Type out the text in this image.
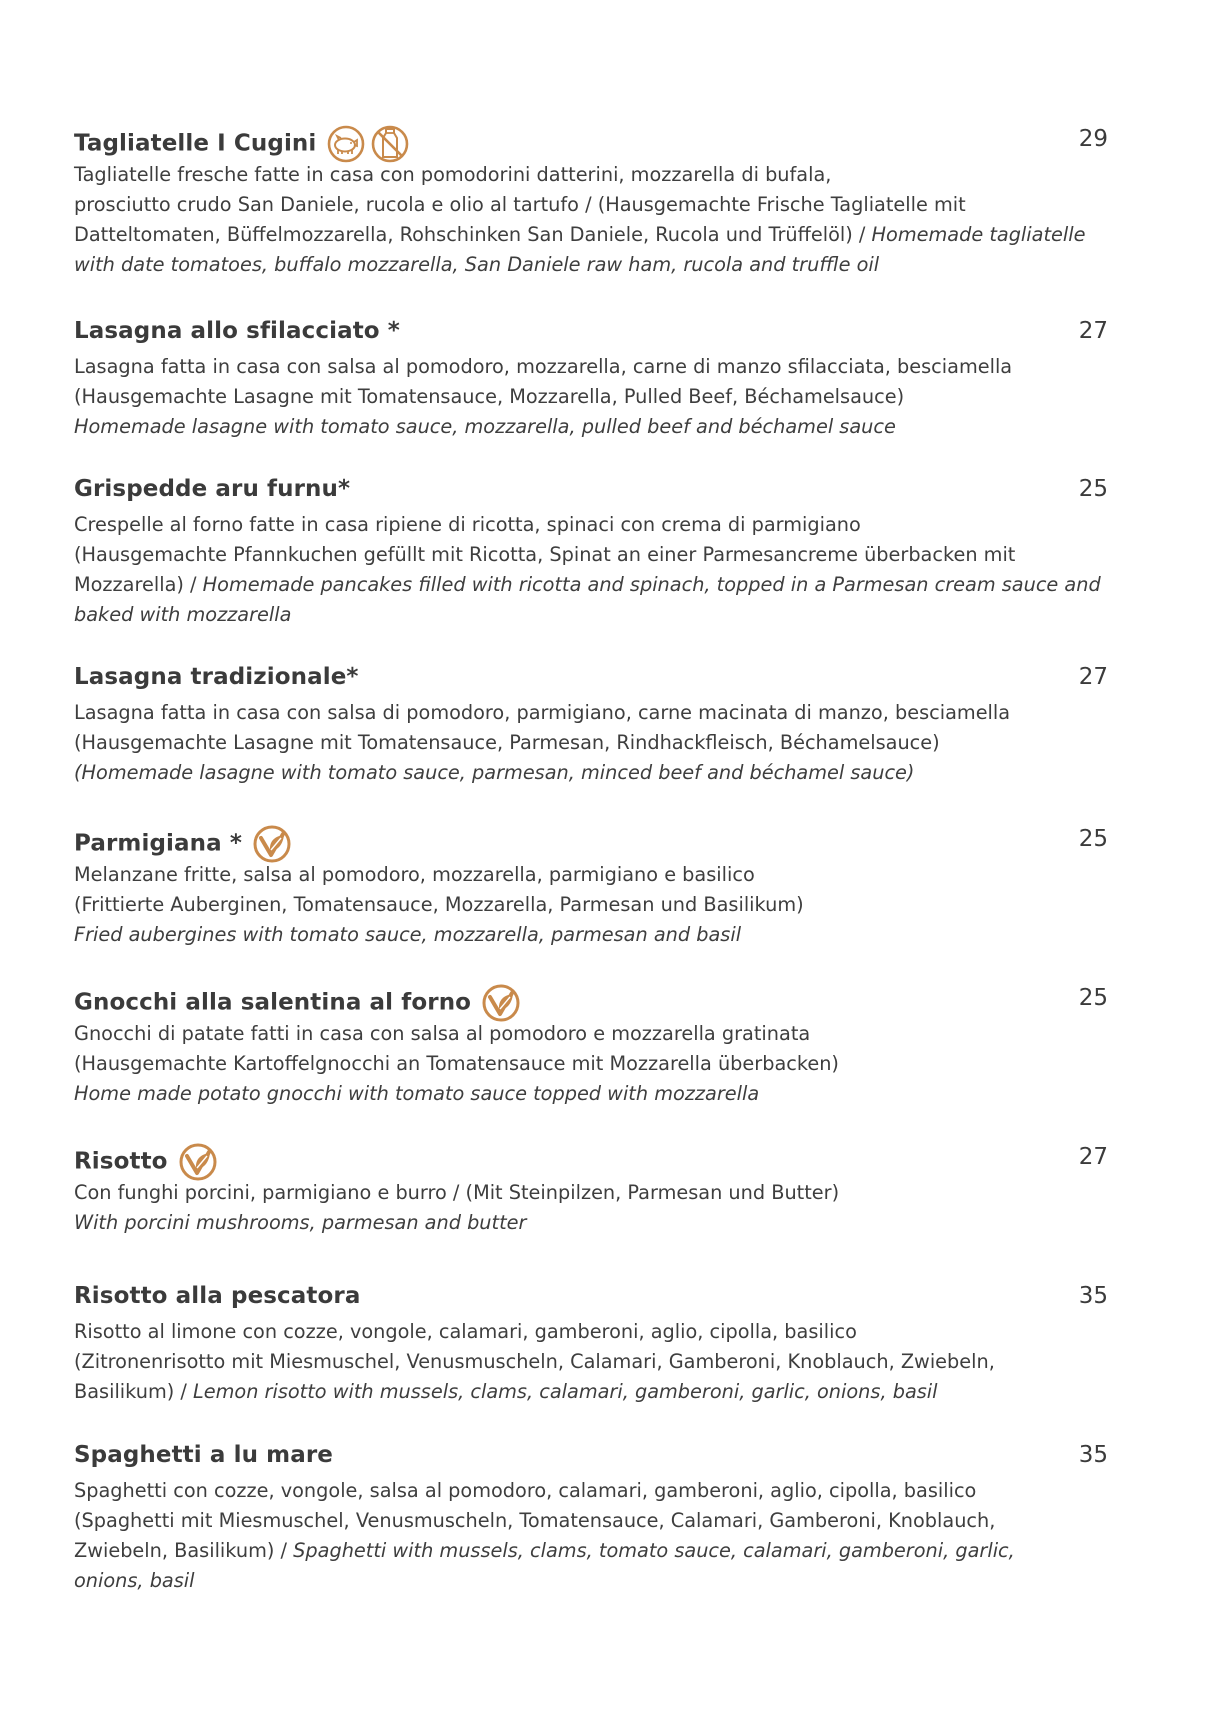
Tagliatelle I Cugini	29
Tagliatelle fresche fatte in casa con pomodorini datterini, mozzarella di bufala,
prosciutto crudo San Daniele, rucola e olio al tartufo / (Hausgemachte Frische Tagliatelle mit
Datteltomaten, Büffelmozzarella, Rohschinken San Daniele, Rucola und Trüffelöl) / Homemade tagliatelle
with date tomatoes, buffalo mozzarella, San Daniele raw ham, rucola and truffle oil
Lasagna allo sfilacciato *	27
Lasagna fatta in casa con salsa al pomodoro, mozzarella, carne di manzo sfilacciata, besciamella
(Hausgemachte Lasagne mit Tomatensauce, Mozzarella, Pulled Beef, Béchamelsauce)
Homemade lasagne with tomato sauce, mozzarella, pulled beef and béchamel sauce
Grispedde aru furnu*	25
Crespelle al forno fatte in casa ripiene di ricotta, spinaci con crema di parmigiano
(Hausgemachte Pfannkuchen gefüllt mit Ricotta, Spinat an einer Parmesancreme überbacken mit
Mozzarella) / Homemade pancakes filled with ricotta and spinach, topped in a Parmesan cream sauce and
baked with mozzarella
Lasagna tradizionale*	27
Lasagna fatta in casa con salsa di pomodoro, parmigiano, carne macinata di manzo, besciamella
(Hausgemachte Lasagne mit Tomatensauce, Parmesan, Rindhackfleisch, Béchamelsauce)
(Homemade lasagne with tomato sauce, parmesan, minced beef and béchamel sauce)
Parmigiana *	25
Melanzane fritte, salsa al pomodoro, mozzarella, parmigiano e basilico
(Frittierte Auberginen, Tomatensauce, Mozzarella, Parmesan und Basilikum)
Fried aubergines with tomato sauce, mozzarella, parmesan and basil
Gnocchi alla salentina al forno	25
Gnocchi di patate fatti in casa con salsa al pomodoro e mozzarella gratinata
(Hausgemachte Kartoffelgnocchi an Tomatensauce mit Mozzarella überbacken)
Home made potato gnocchi with tomato sauce topped with mozzarella
Risotto	27
Con funghi porcini, parmigiano e burro / (Mit Steinpilzen, Parmesan und Butter)
With porcini mushrooms, parmesan and butter
Risotto alla pescatora	35
Risotto al limone con cozze, vongole, calamari, gamberoni, aglio, cipolla, basilico
(Zitronenrisotto mit Miesmuschel, Venusmuscheln, Calamari, Gamberoni, Knoblauch, Zwiebeln,
Basilikum) / Lemon risotto with mussels, clams, calamari, gamberoni, garlic, onions, basil
Spaghetti a lu mare	35
Spaghetti con cozze, vongole, salsa al pomodoro, calamari, gamberoni, aglio, cipolla, basilico
(Spaghetti mit Miesmuschel, Venusmuscheln, Tomatensauce, Calamari, Gamberoni, Knoblauch,
Zwiebeln, Basilikum) / Spaghetti with mussels, clams, tomato sauce, calamari, gamberoni, garlic,
onions, basil
